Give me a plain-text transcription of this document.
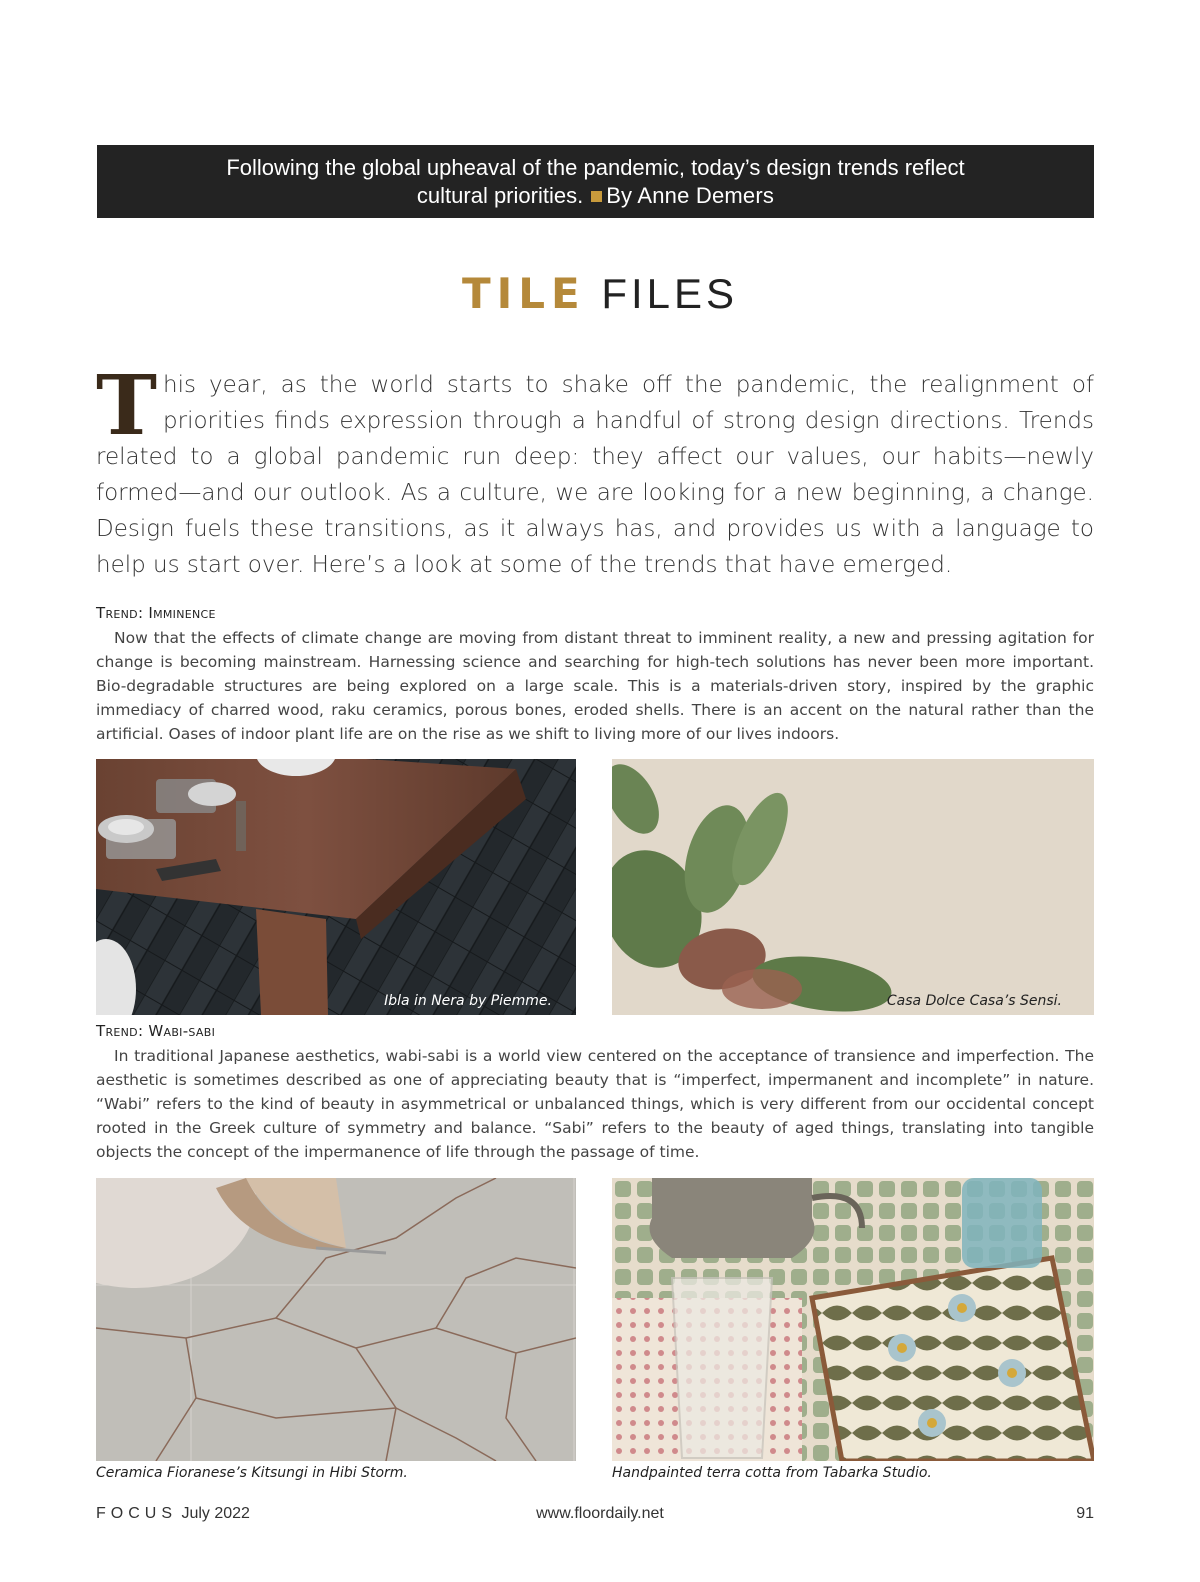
Following the global upheaval of the pandemic, today’s design trends reflect
cultural priorities. By Anne Demers
TILE FILES
This year, as the world starts to shake off the pandemic, the realignment of priorities finds expression through a handful of strong design directions. Trends related to a global pandemic run deep: they affect our values, our habits—newly formed—and our outlook. As a culture, we are looking for a new beginning, a change. Design fuels these transitions, as it always has, and provides us with a language to help us start over. Here’s a look at some of the trends that have emerged.
Trend: Imminence
Now that the effects of climate change are moving from distant threat to imminent reality, a new and pressing agitation for change is becoming mainstream. Harnessing science and searching for high-tech solutions has never been more important. Bio-degradable structures are being explored on a large scale. This is a materials-driven story, inspired by the graphic immediacy of charred wood, raku ceramics, porous bones, eroded shells. There is an accent on the natural rather than the artificial. Oases of indoor plant life are on the rise as we shift to living more of our lives indoors.
Ibla in Nera by Piemme.	Casa Dolce Casa’s Sensi.
Trend: Wabi-sabi
In traditional Japanese aesthetics, wabi-sabi is a world view centered on the acceptance of transience and imperfection. The aesthetic is sometimes described as one of appreciating beauty that is “imperfect, impermanent and incomplete” in nature. “Wabi” refers to the kind of beauty in asymmetrical or unbalanced things, which is very different from our occidental concept rooted in the Greek culture of symmetry and balance. “Sabi” refers to the beauty of aged things, translating into tangible objects the concept of the impermanence of life through the passage of time.
Ceramica Fioranese’s Kitsungi in Hibi Storm.	Handpainted terra cotta from Tabarka Studio.
FOCUS July 2022	www.floordaily.net	91
